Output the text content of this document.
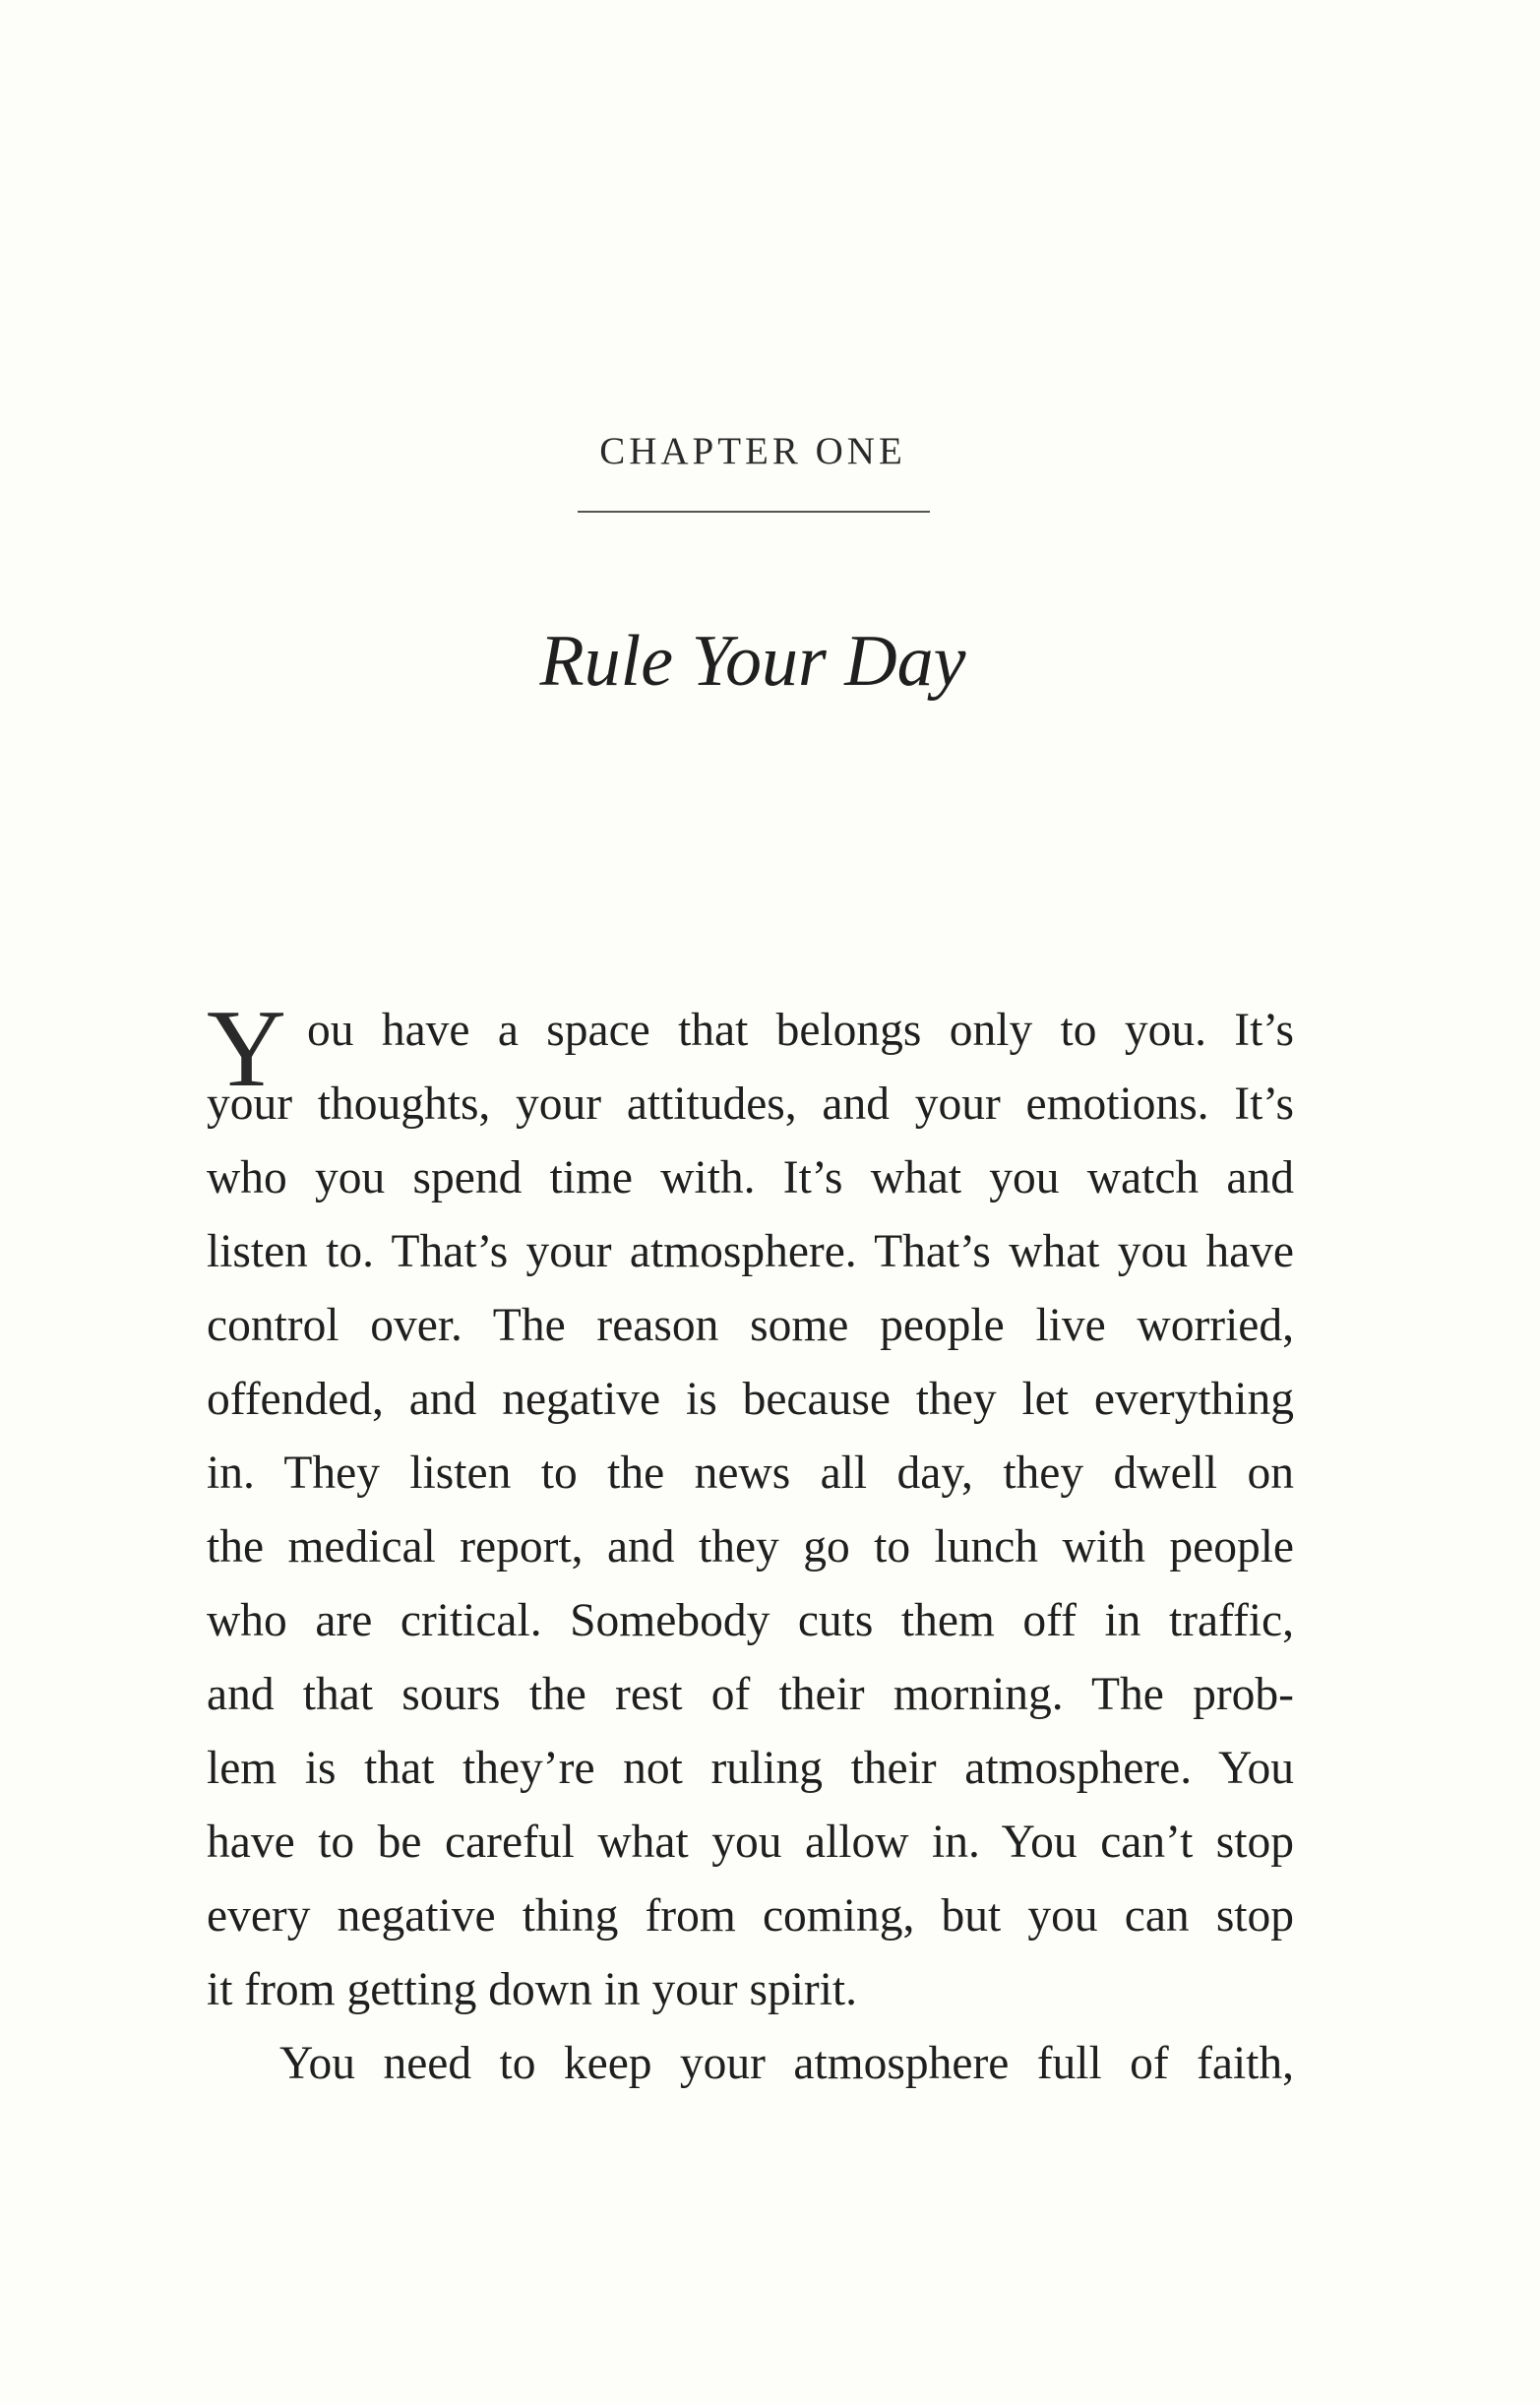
CHAPTER ONE
Rule Your Day
Y ou have a space that belongs only to you. It’s
your thoughts, your attitudes, and your emotions. It’s
who you spend time with. It’s what you watch and
listen to. That’s your atmosphere. That’s what you have
control over. The reason some people live worried,
offended, and negative is because they let everything
in. They listen to the news all day, they dwell on
the medical report, and they go to lunch with people
who are critical. Somebody cuts them off in traffic,
and that sours the rest of their morning. The prob-
lem is that they’re not ruling their atmosphere. You
have to be careful what you allow in. You can’t stop
every negative thing from coming, but you can stop
it from getting down in your spirit.
You need to keep your atmosphere full of faith,
